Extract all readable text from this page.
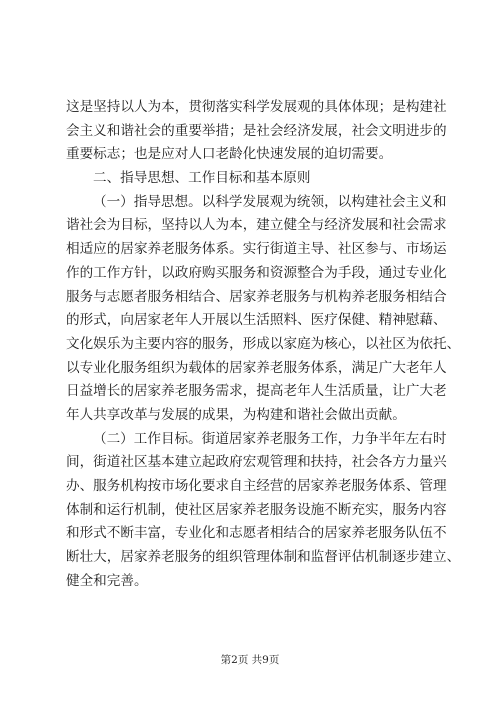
这是坚持以人为本，贯彻落实科学发展观的具体体现；是构建社
会主义和谐社会的重要举措；是社会经济发展，社会文明进步的
重要标志；也是应对人口老龄化快速发展的迫切需要。
二、指导思想、工作目标和基本原则
（一）指导思想。以科学发展观为统领，以构建社会主义和
谐社会为目标，坚持以人为本，建立健全与经济发展和社会需求
相适应的居家养老服务体系。实行街道主导、社区参与、市场运
作的工作方针，以政府购买服务和资源整合为手段，通过专业化
服务与志愿者服务相结合、居家养老服务与机构养老服务相结合
的形式，向居家老年人开展以生活照料、医疗保健、精神慰藉、
文化娱乐为主要内容的服务，形成以家庭为核心，以社区为依托、
以专业化服务组织为载体的居家养老服务体系，满足广大老年人
日益增长的居家养老服务需求，提高老年人生活质量，让广大老
年人共享改革与发展的成果，为构建和谐社会做出贡献。
（二）工作目标。街道居家养老服务工作，力争半年左右时
间，街道社区基本建立起政府宏观管理和扶持，社会各方力量兴
办、服务机构按市场化要求自主经营的居家养老服务体系、管理
体制和运行机制，使社区居家养老服务设施不断充实，服务内容
和形式不断丰富，专业化和志愿者相结合的居家养老服务队伍不
断壮大，居家养老服务的组织管理体制和监督评估机制逐步建立、
健全和完善。
第2页 共9页
